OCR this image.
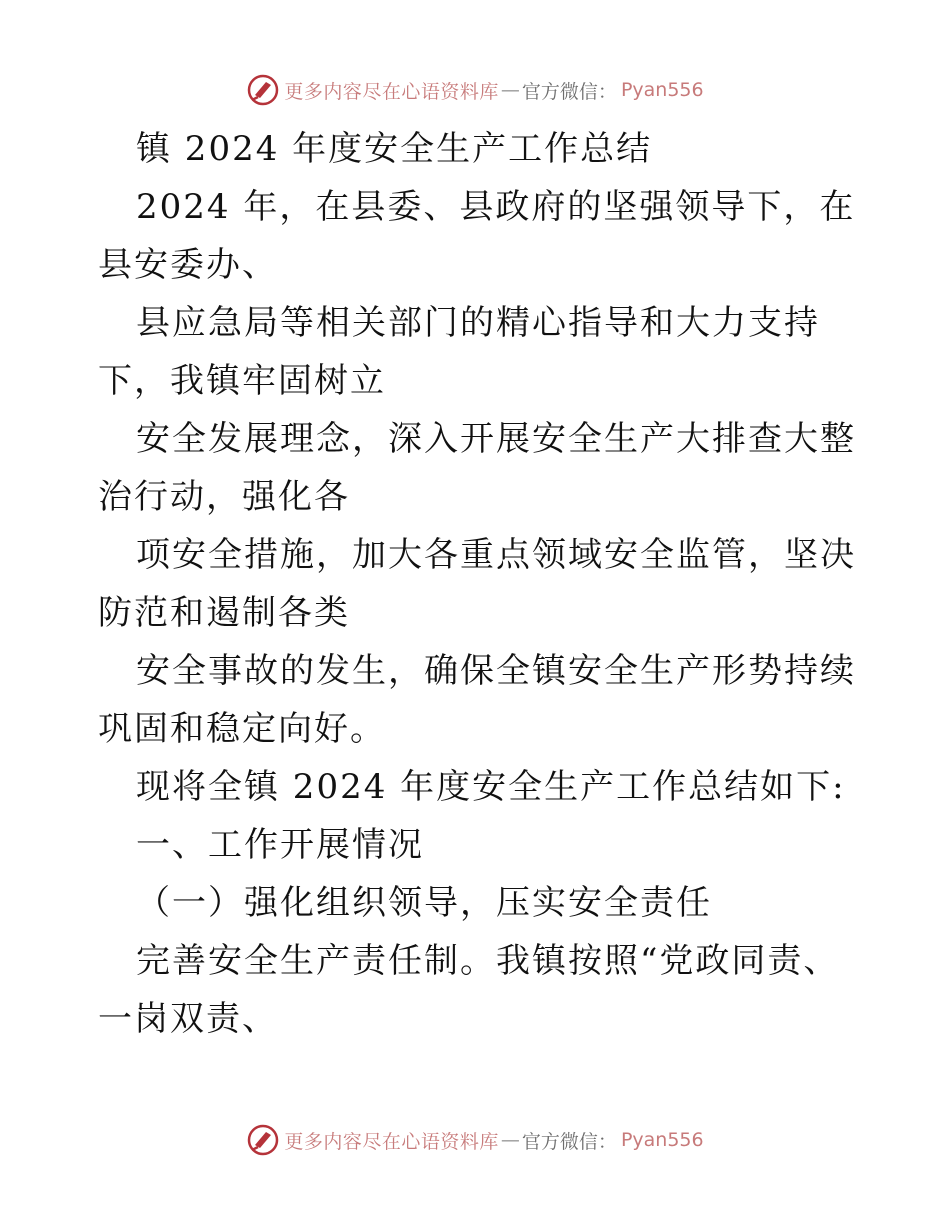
更多内容尽在心语资料库 — 官方微信： Pyan556

镇 2024 年度安全生产工作总结

2024 年，在县委、县政府的坚强领导下，在县安委办、

县应急局等相关部门的精心指导和大力支持下，我镇牢固树立

安全发展理念，深入开展安全生产大排查大整治行动，强化各

项安全措施，加大各重点领域安全监管，坚决防范和遏制各类

安全事故的发生，确保全镇安全生产形势持续巩固和稳定向好。

现将全镇 2024 年度安全生产工作总结如下:

一、工作开展情况

（一）强化组织领导，压实安全责任

完善安全生产责任制。我镇按照“党政同责、一岗双责、

更多内容尽在心语资料库 — 官方微信： Pyan556
